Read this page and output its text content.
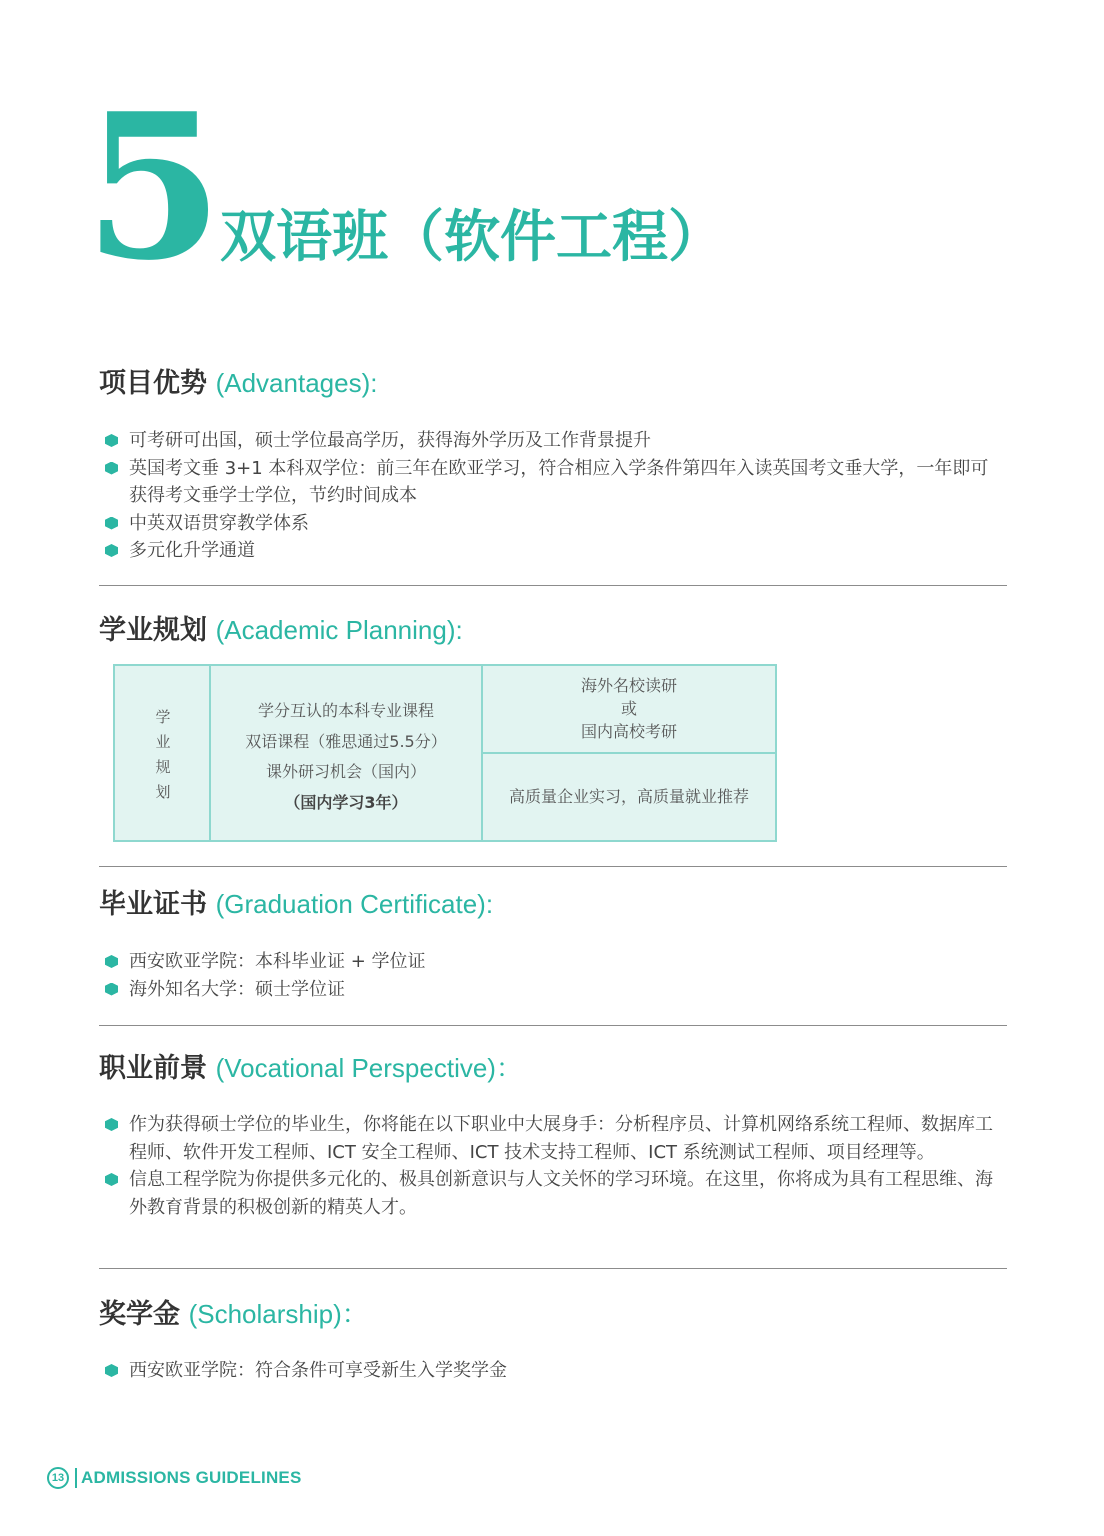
5 双语班（软件工程）
项目优势 (Advantages):
可考研可出国，硕士学位最高学历，获得海外学历及工作背景提升
英国考文垂 3+1 本科双学位：前三年在欧亚学习，符合相应入学条件第四年入读英国考文垂大学，一年即可获得考文垂学士学位，节约时间成本
中英双语贯穿教学体系
多元化升学通道
学业规划 (Academic Planning):
学
业
规
划
学分互认的本科专业课程
双语课程（雅思通过5.5分）
课外研习机会（国内）
（国内学习3年）
海外名校读研
或
国内高校考研
高质量企业实习，高质量就业推荐
毕业证书 (Graduation Certificate):
西安欧亚学院：本科毕业证 + 学位证
海外知名大学：硕士学位证
职业前景 (Vocational Perspective)：
作为获得硕士学位的毕业生，你将能在以下职业中大展身手：分析程序员、计算机网络系统工程师、数据库工程师、软件开发工程师、ICT 安全工程师、ICT 技术支持工程师、ICT 系统测试工程师、项目经理等。
信息工程学院为你提供多元化的、极具创新意识与人文关怀的学习环境。在这里，你将成为具有工程思维、海外教育背景的积极创新的精英人才。
奖学金 (Scholarship)：
西安欧亚学院：符合条件可享受新生入学奖学金
13 ADMISSIONS GUIDELINES
